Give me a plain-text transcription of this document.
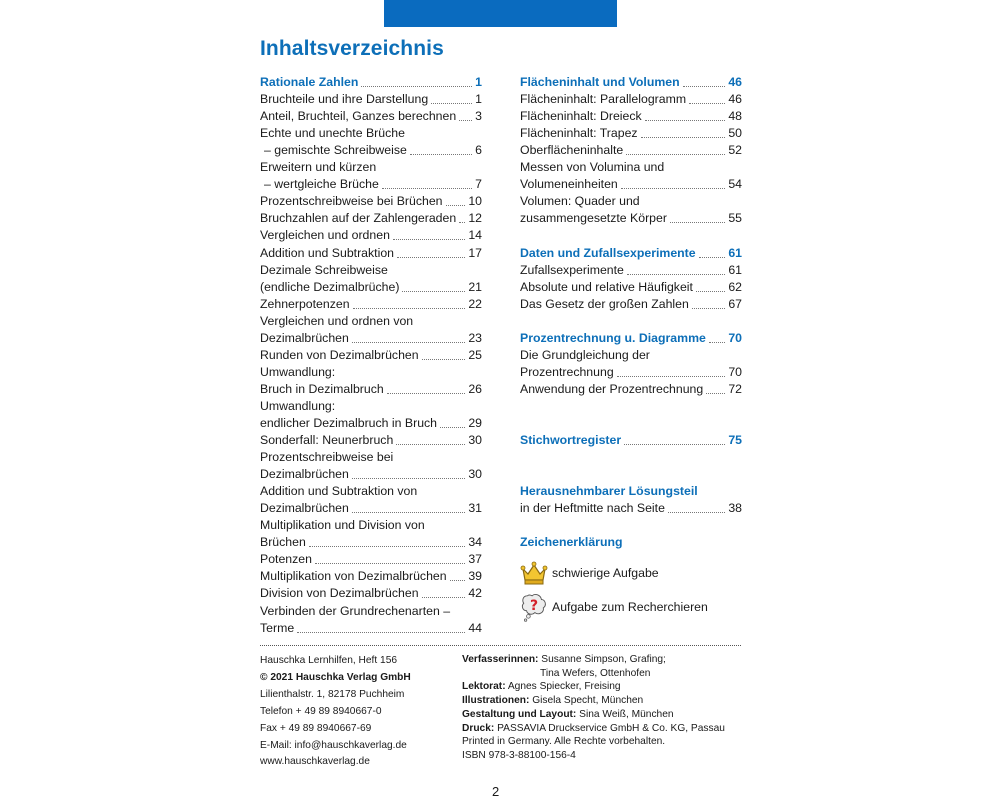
Inhaltsverzeichnis
Rationale Zahlen	1
Bruchteile und ihre Darstellung	1
Anteil, Bruchteil, Ganzes berechnen 3
Echte und unechte Brüche
– gemischte Schreibweise	6
Erweitern und kürzen
– wertgleiche Brüche	7
Prozentschreibweise bei Brüchen 10
Bruchzahlen auf der Zahlengeraden 12
Vergleichen und ordnen	14
Addition und Subtraktion	17
Dezimale Schreibweise
(endliche Dezimalbrüche)	21
Zehnerpotenzen	22
Vergleichen und ordnen von
Dezimalbrüchen	23
Runden von Dezimalbrüchen	25
Umwandlung:
Bruch in Dezimalbruch	26
Umwandlung:
endlicher Dezimalbruch in Bruch	29
Sonderfall: Neunerbruch	30
Prozentschreibweise bei
Dezimalbrüchen	30
Addition und Subtraktion von
Dezimalbrüchen	31
Multiplikation und Division von
Brüchen	34
Potenzen	37
Multiplikation von Dezimalbrüchen 39
Division von Dezimalbrüchen	42
Verbinden der Grundrechenarten –
Terme	44
Flächeninhalt und Volumen	46
Flächeninhalt: Parallelogramm	46
Flächeninhalt: Dreieck	48
Flächeninhalt: Trapez	50
Oberflächeninhalte	52
Messen von Volumina und
Volumeneinheiten	54
Volumen: Quader und
zusammengesetzte Körper	55
Daten und Zufallsexperimente	61
Zufallsexperimente	61
Absolute und relative Häufigkeit	62
Das Gesetz der großen Zahlen	67
Prozentrechnung u. Diagramme 70
Die Grundgleichung der
Prozentrechnung	70
Anwendung der Prozentrechnung 72
Stichwortregister	75
Herausnehmbarer Lösungsteil
in der Heftmitte nach Seite	38
Zeichenerklärung
schwierige Aufgabe
? Aufgabe zum Recherchieren
Hauschka Lernhilfen, Heft 156
© 2021 Hauschka Verlag GmbH
Lilienthalstr. 1, 82178 Puchheim
Telefon + 49 89 8940667-0
Fax + 49 89 8940667-69
E-Mail: info@hauschkaverlag.de
www.hauschkaverlag.de
Verfasserinnen: Susanne Simpson, Grafing;
Tina Wefers, Ottenhofen
Lektorat: Agnes Spiecker, Freising
Illustrationen: Gisela Specht, München
Gestaltung und Layout: Sina Weiß, München
Druck: PASSAVIA Druckservice GmbH & Co. KG, Passau
Printed in Germany. Alle Rechte vorbehalten.
ISBN 978-3-88100-156-4
2
